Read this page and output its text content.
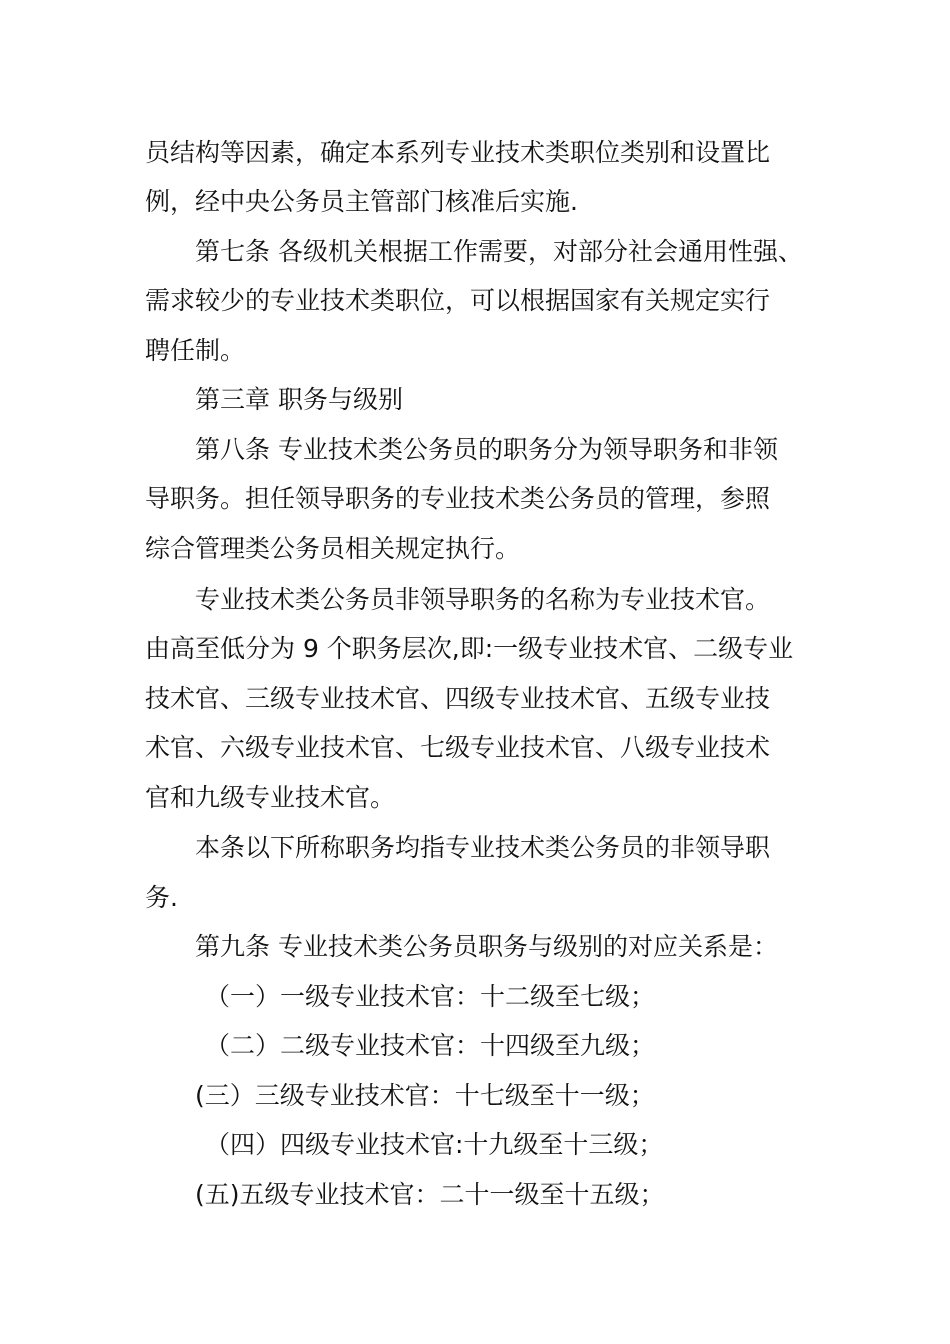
员结构等因素，确定本系列专业技术类职位类别和设置比
例，经中央公务员主管部门核准后实施.
第七条 各级机关根据工作需要，对部分社会通用性强、
需求较少的专业技术类职位，可以根据国家有关规定实行
聘任制。
第三章 职务与级别
第八条 专业技术类公务员的职务分为领导职务和非领
导职务。担任领导职务的专业技术类公务员的管理，参照
综合管理类公务员相关规定执行。
专业技术类公务员非领导职务的名称为专业技术官。
由高至低分为 9 个职务层次,即:一级专业技术官、二级专业
技术官、三级专业技术官、四级专业技术官、五级专业技
术官、六级专业技术官、七级专业技术官、八级专业技术
官和九级专业技术官。
本条以下所称职务均指专业技术类公务员的非领导职
务.
第九条 专业技术类公务员职务与级别的对应关系是：
（一）一级专业技术官：十二级至七级；
（二）二级专业技术官：十四级至九级；
(三）三级专业技术官：十七级至十一级；
（四）四级专业技术官:十九级至十三级；
(五)五级专业技术官：二十一级至十五级；
